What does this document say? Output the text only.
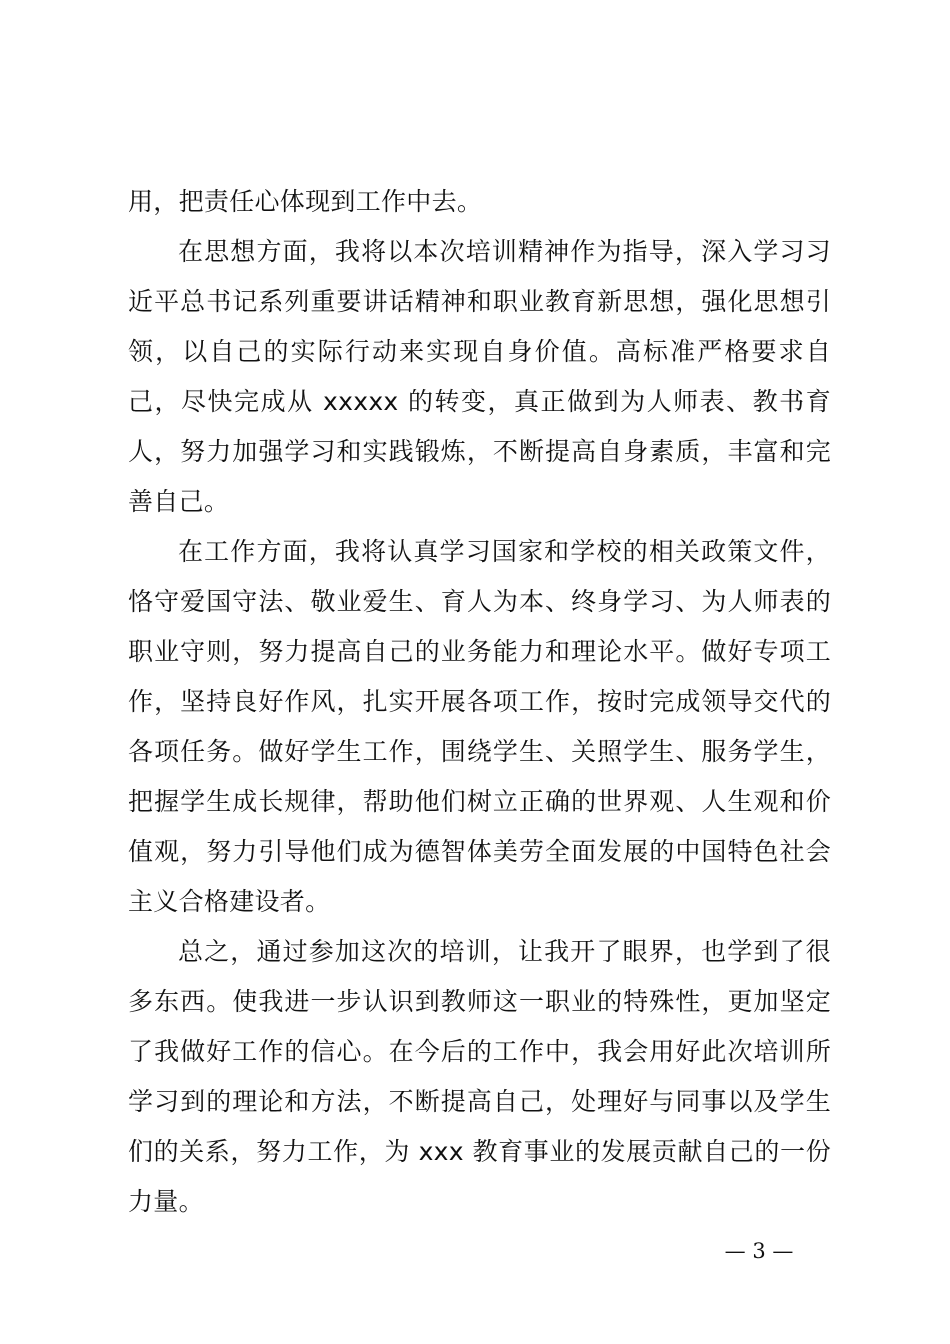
用，把责任心体现到工作中去。

在思想方面，我将以本次培训精神作为指导，深入学习习近平总书记系列重要讲话精神和职业教育新思想，强化思想引领，以自己的实际行动来实现自身价值。高标准严格要求自己，尽快完成从 xxxxx 的转变，真正做到为人师表、教书育人，努力加强学习和实践锻炼，不断提高自身素质，丰富和完善自己。

在工作方面，我将认真学习国家和学校的相关政策文件，恪守爱国守法、敬业爱生、育人为本、终身学习、为人师表的职业守则，努力提高自己的业务能力和理论水平。做好专项工作，坚持良好作风，扎实开展各项工作，按时完成领导交代的各项任务。做好学生工作，围绕学生、关照学生、服务学生，把握学生成长规律，帮助他们树立正确的世界观、人生观和价值观，努力引导他们成为德智体美劳全面发展的中国特色社会主义合格建设者。

总之，通过参加这次的培训，让我开了眼界，也学到了很多东西。使我进一步认识到教师这一职业的特殊性，更加坚定了我做好工作的信心。在今后的工作中，我会用好此次培训所学习到的理论和方法，不断提高自己，处理好与同事以及学生们的关系，努力工作，为 xxx 教育事业的发展贡献自己的一份力量。

— 3 —
